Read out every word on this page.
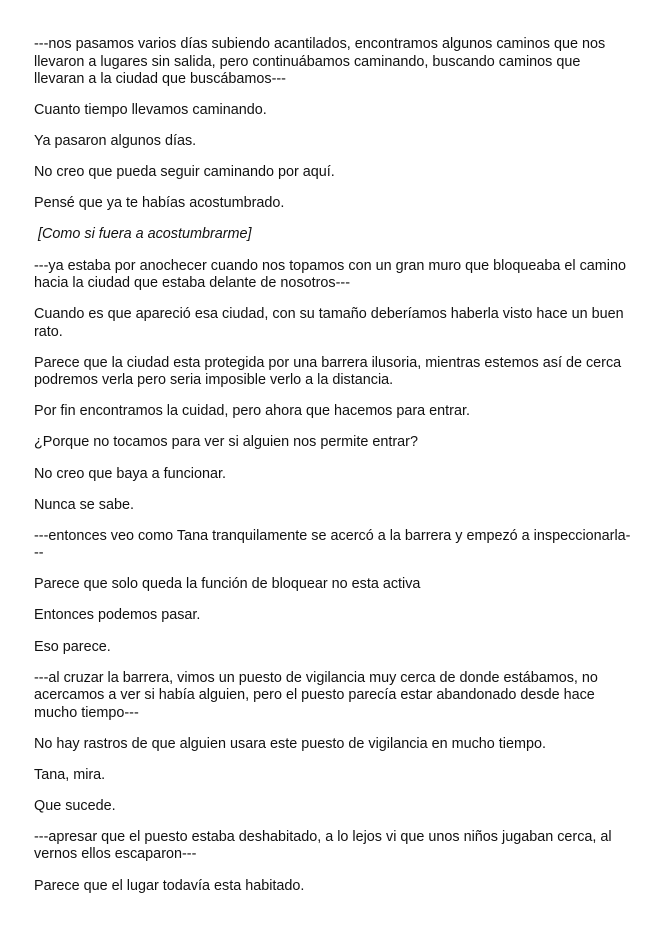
---nos pasamos varios días subiendo acantilados, encontramos algunos caminos que nos llevaron a lugares sin salida, pero continuábamos caminando, buscando caminos que llevaran a la ciudad que buscábamos---

Cuanto tiempo llevamos caminando.

Ya pasaron algunos días.

No creo que pueda seguir caminando por aquí.

Pensé que ya te habías acostumbrado.

[Como si fuera a acostumbrarme]

---ya estaba por anochecer cuando nos topamos con un gran muro que bloqueaba el camino hacia la ciudad que estaba delante de nosotros---

Cuando es que apareció esa ciudad, con su tamaño deberíamos haberla visto hace un buen rato.

Parece que la ciudad esta protegida por una barrera ilusoria, mientras estemos así de cerca podremos verla pero seria imposible verlo a la distancia.

Por fin encontramos la cuidad, pero ahora que hacemos para entrar.

¿Porque no tocamos para ver si alguien nos permite entrar?

No creo que baya a funcionar.

Nunca se sabe.

---entonces veo como Tana tranquilamente se acercó a la barrera y empezó a inspeccionarla---

Parece que solo queda la función de bloquear no esta activa

Entonces podemos pasar.

Eso parece.

---al cruzar la barrera, vimos un puesto de vigilancia muy cerca de donde estábamos, no acercamos a ver si había alguien, pero el puesto parecía estar abandonado desde hace mucho tiempo---

No hay rastros de que alguien usara este puesto de vigilancia en mucho tiempo.

Tana, mira.

Que sucede.

---apresar que el puesto estaba deshabitado, a lo lejos vi que unos niños jugaban cerca, al vernos ellos escaparon---

Parece que el lugar todavía esta habitado.
